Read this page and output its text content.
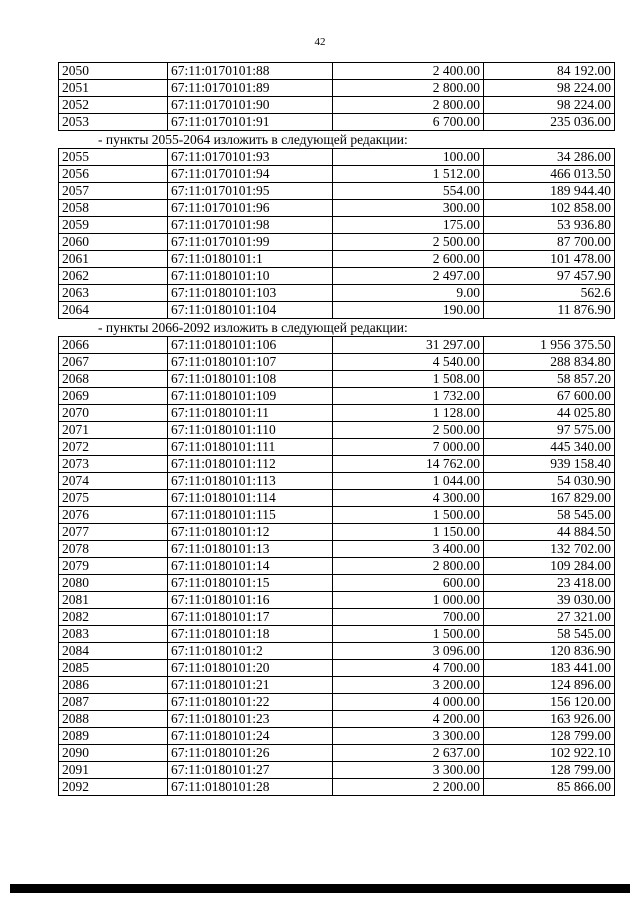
42
2050	67:11:0170101:88	2 400.00	84 192.00
2051	67:11:0170101:89	2 800.00	98 224.00
2052	67:11:0170101:90	2 800.00	98 224.00
2053	67:11:0170101:91	6 700.00	235 036.00
- пункты 2055-2064 изложить в следующей редакции:
2055	67:11:0170101:93	100.00	34 286.00
2056	67:11:0170101:94	1 512.00	466 013.50
2057	67:11:0170101:95	554.00	189 944.40
2058	67:11:0170101:96	300.00	102 858.00
2059	67:11:0170101:98	175.00	53 936.80
2060	67:11:0170101:99	2 500.00	87 700.00
2061	67:11:0180101:1	2 600.00	101 478.00
2062	67:11:0180101:10	2 497.00	97 457.90
2063	67:11:0180101:103	9.00	562.6
2064	67:11:0180101:104	190.00	11 876.90
- пункты 2066-2092 изложить в следующей редакции:
2066	67:11:0180101:106	31 297.00	1 956 375.50
2067	67:11:0180101:107	4 540.00	288 834.80
2068	67:11:0180101:108	1 508.00	58 857.20
2069	67:11:0180101:109	1 732.00	67 600.00
2070	67:11:0180101:11	1 128.00	44 025.80
2071	67:11:0180101:110	2 500.00	97 575.00
2072	67:11:0180101:111	7 000.00	445 340.00
2073	67:11:0180101:112	14 762.00	939 158.40
2074	67:11:0180101:113	1 044.00	54 030.90
2075	67:11:0180101:114	4 300.00	167 829.00
2076	67:11:0180101:115	1 500.00	58 545.00
2077	67:11:0180101:12	1 150.00	44 884.50
2078	67:11:0180101:13	3 400.00	132 702.00
2079	67:11:0180101:14	2 800.00	109 284.00
2080	67:11:0180101:15	600.00	23 418.00
2081	67:11:0180101:16	1 000.00	39 030.00
2082	67:11:0180101:17	700.00	27 321.00
2083	67:11:0180101:18	1 500.00	58 545.00
2084	67:11:0180101:2	3 096.00	120 836.90
2085	67:11:0180101:20	4 700.00	183 441.00
2086	67:11:0180101:21	3 200.00	124 896.00
2087	67:11:0180101:22	4 000.00	156 120.00
2088	67:11:0180101:23	4 200.00	163 926.00
2089	67:11:0180101:24	3 300.00	128 799.00
2090	67:11:0180101:26	2 637.00	102 922.10
2091	67:11:0180101:27	3 300.00	128 799.00
2092	67:11:0180101:28	2 200.00	85 866.00
